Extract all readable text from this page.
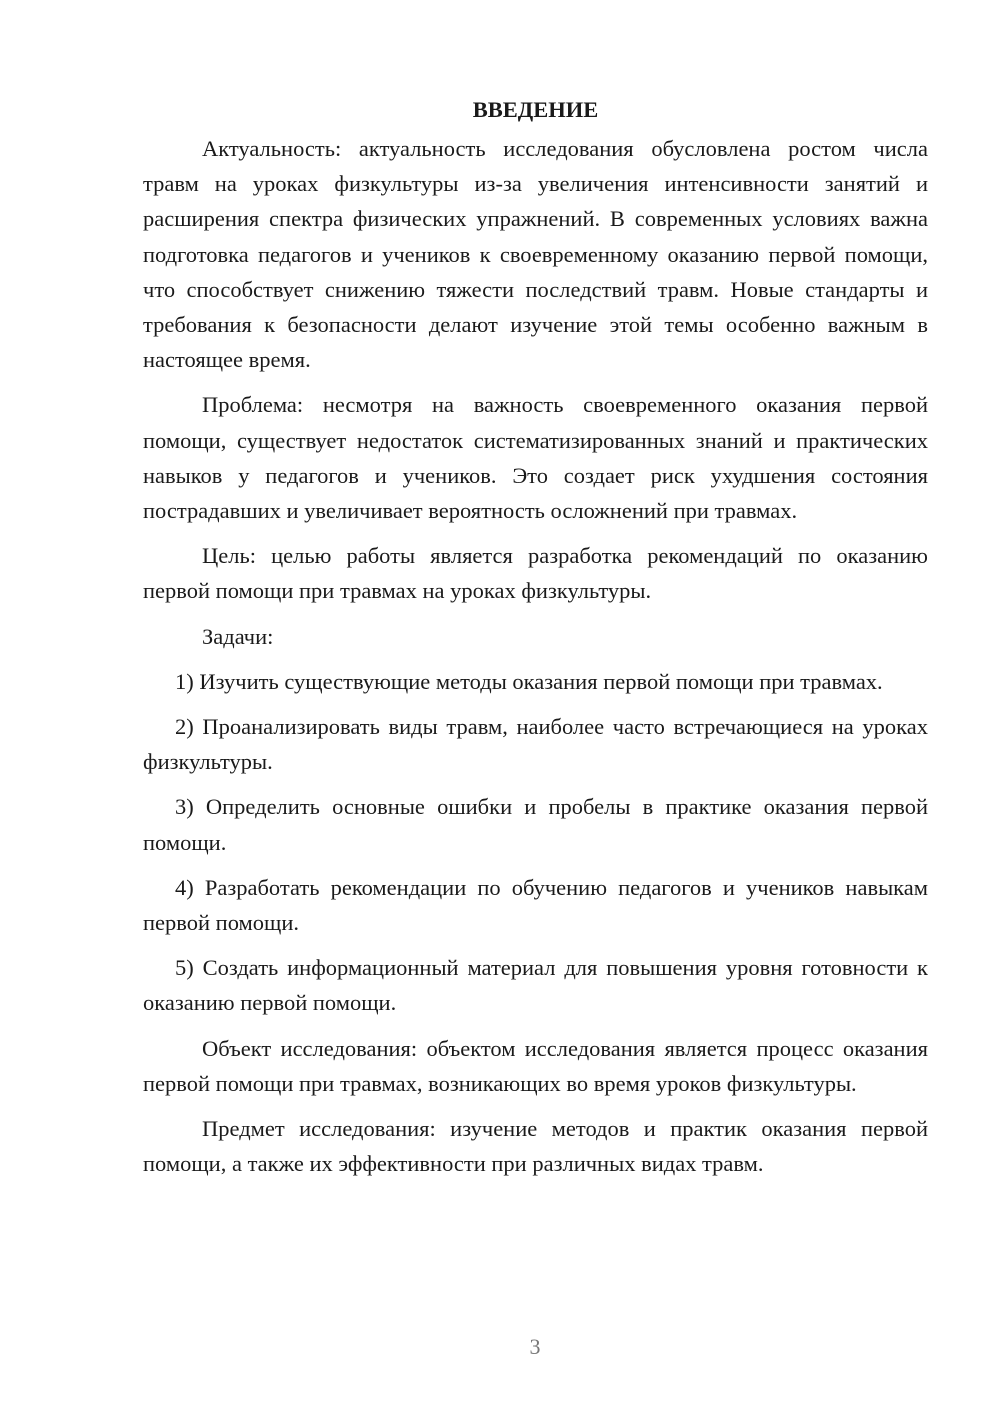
ВВЕДЕНИЕ

Актуальность: актуальность исследования обусловлена ростом числа травм на уроках физкультуры из-за увеличения интенсивности занятий и расширения спектра физических упражнений. В современных условиях важна подготовка педагогов и учеников к своевременному оказанию первой помощи, что способствует снижению тяжести последствий травм. Новые стандарты и требования к безопасности делают изучение этой темы особенно важным в настоящее время.

Проблема: несмотря на важность своевременного оказания первой помощи, существует недостаток систематизированных знаний и практических навыков у педагогов и учеников. Это создает риск ухудшения состояния пострадавших и увеличивает вероятность осложнений при травмах.

Цель: целью работы является разработка рекомендаций по оказанию первой помощи при травмах на уроках физкультуры.

Задачи:

1) Изучить существующие методы оказания первой помощи при травмах.

2) Проанализировать виды травм, наиболее часто встречающиеся на уроках физкультуры.

3) Определить основные ошибки и пробелы в практике оказания первой помощи.

4) Разработать рекомендации по обучению педагогов и учеников навыкам первой помощи.

5) Создать информационный материал для повышения уровня готовности к оказанию первой помощи.

Объект исследования: объектом исследования является процесс оказания первой помощи при травмах, возникающих во время уроков физкультуры.

Предмет исследования: изучение методов и практик оказания первой помощи, а также их эффективности при различных видах травм.

3
